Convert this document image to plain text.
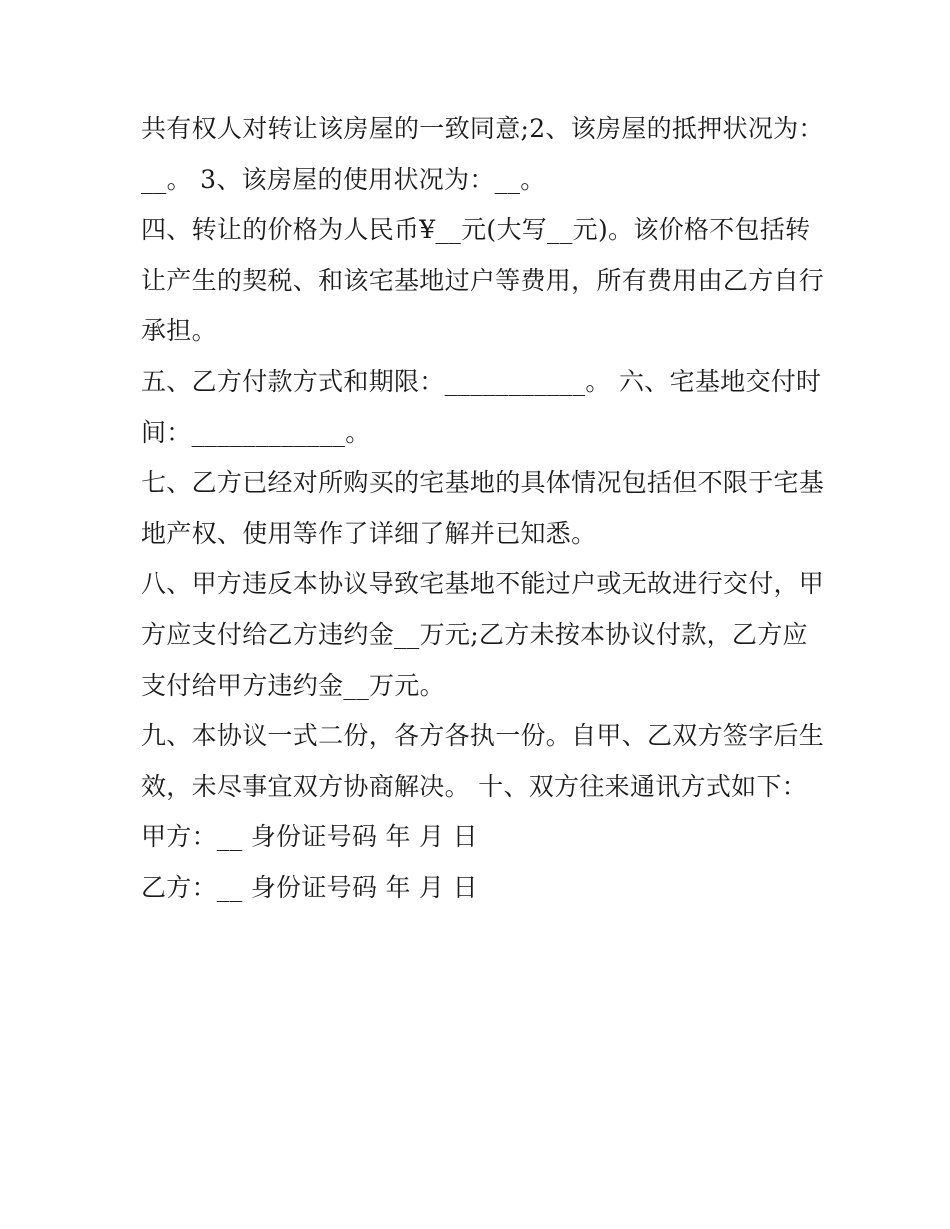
共有权人对转让该房屋的一致同意;2、该房屋的抵押状况为：
__。 3、该房屋的使用状况为：__。

四、转让的价格为人民币¥__元(大写__元)。该价格不包括转
让产生的契税、和该宅基地过户等费用，所有费用由乙方自行
承担。

五、乙方付款方式和期限：___________。 六、宅基地交付时
间：____________。

七、乙方已经对所购买的宅基地的具体情况包括但不限于宅基
地产权、使用等作了详细了解并已知悉。

八、甲方违反本协议导致宅基地不能过户或无故进行交付，甲
方应支付给乙方违约金__万元;乙方未按本协议付款，乙方应
支付给甲方违约金__万元。

九、本协议一式二份，各方各执一份。自甲、乙双方签字后生
效，未尽事宜双方协商解决。 十、双方往来通讯方式如下：

甲方：__ 身份证号码 年 月 日

乙方：__ 身份证号码 年 月 日
